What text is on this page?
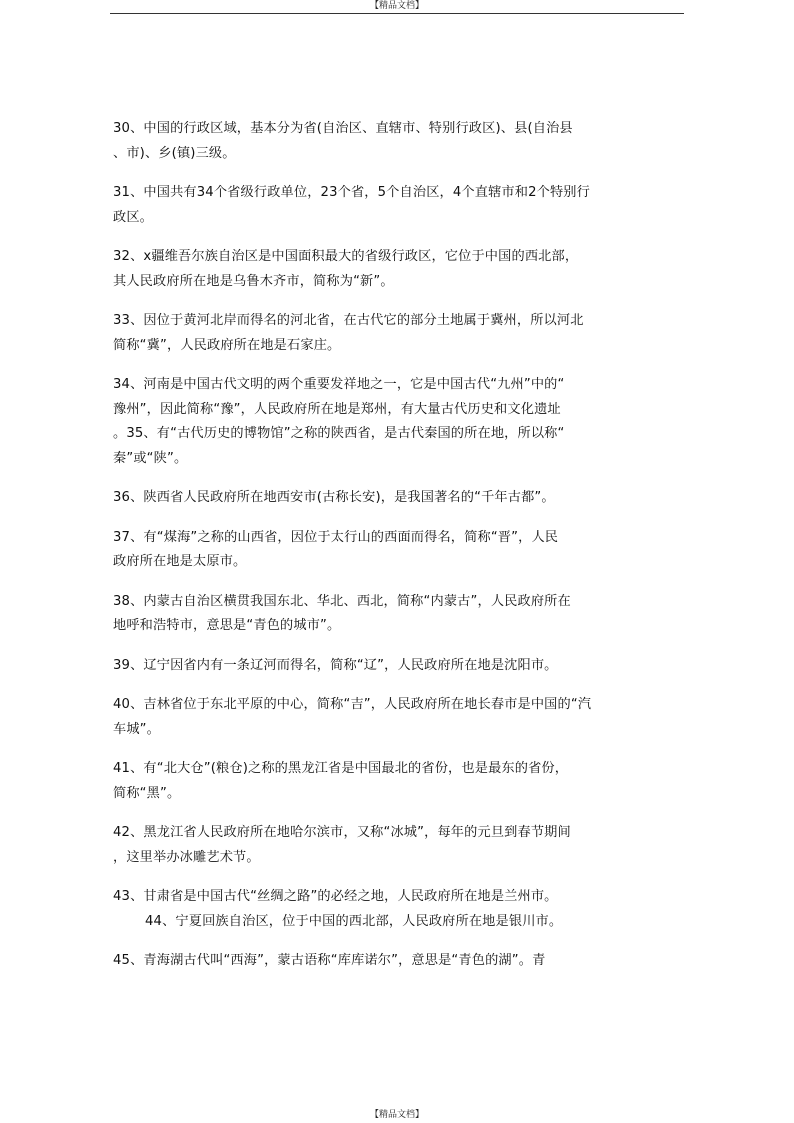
【精品文档】
30、中国的行政区域，基本分为省(自治区、直辖市、特别行政区)、县(自治县
、市)、乡(镇)三级。
31、中国共有34个省级行政单位，23个省，5个自治区，4个直辖市和2个特别行
政区。
32、x疆维吾尔族自治区是中国面积最大的省级行政区，它位于中国的西北部，
其人民政府所在地是乌鲁木齐市，简称为“新”。
33、因位于黄河北岸而得名的河北省，在古代它的部分土地属于冀州，所以河北
简称“冀”，人民政府所在地是石家庄。
34、河南是中国古代文明的两个重要发祥地之一，它是中国古代“九州”中的“
豫州”，因此简称“豫”，人民政府所在地是郑州，有大量古代历史和文化遗址
。35、有“古代历史的博物馆”之称的陕西省，是古代秦国的所在地，所以称“
秦”或“陕”。
36、陕西省人民政府所在地西安市(古称长安)，是我国著名的“千年古都”。
37、有“煤海”之称的山西省，因位于太行山的西面而得名，简称“晋”，人民
政府所在地是太原市。
38、内蒙古自治区横贯我国东北、华北、西北，简称“内蒙古”，人民政府所在
地呼和浩特市，意思是“青色的城市”。
39、辽宁因省内有一条辽河而得名，简称“辽”，人民政府所在地是沈阳市。
40、吉林省位于东北平原的中心，简称“吉”，人民政府所在地长春市是中国的“汽
车城”。
41、有“北大仓”(粮仓)之称的黑龙江省是中国最北的省份，也是最东的省份，
简称“黑”。
42、黑龙江省人民政府所在地哈尔滨市，又称“冰城”，每年的元旦到春节期间
，这里举办冰雕艺术节。
43、甘肃省是中国古代“丝绸之路”的必经之地，人民政府所在地是兰州市。
44、宁夏回族自治区，位于中国的西北部，人民政府所在地是银川市。
45、青海湖古代叫“西海”，蒙古语称“库库诺尔”，意思是“青色的湖”。青
【精品文档】
